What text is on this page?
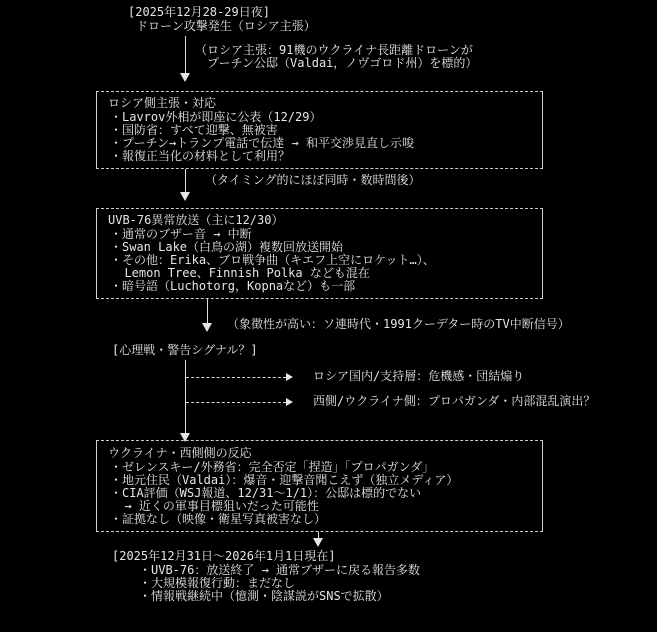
[2025年12月28-29日夜]
ドローン攻撃発生（ロシア主張）
（ロシア主張：91機のウクライナ長距離ドローンが
プーチン公邸（Valdai，ノヴゴロド州）を標的）
ロシア側主張・対応
・Lavrov外相が即座に公表（12/29）
・国防省：すべて迎撃、無被害
・プーチン→トランプ電話で伝達 → 和平交渉見直し示唆
・報復正当化の材料として利用？
（タイミング的にほぼ同時・数時間後）
UVB-76異常放送（主に12/30）
・通常のブザー音 → 中断
・Swan Lake（白鳥の湖）複数回放送開始
・その他：Erika、ブロ戦争曲（キエフ上空にロケット…）、
Lemon Tree、Finnish Polka なども混在
・暗号語（Luchotorg，Kopnaなど）も一部
（象徴性が高い：ソ連時代・1991クーデター時のTV中断信号）
[心理戦・警告シグナル？]
ロシア国内/支持層：危機感・団結煽り
西側/ウクライナ側：プロパガンダ・内部混乱演出？
ウクライナ・西側側の反応
・ゼレンスキー/外務省：完全否定「捏造」「プロパガンダ」
・地元住民（Valdai）：爆音・迎撃音聞こえず（独立メディア）
・CIA評価（WSJ報道、12/31〜1/1）：公邸は標的でない
→ 近くの軍事目標狙いだった可能性
・証拠なし（映像・衛星写真被害なし）
[2025年12月31日〜2026年1月1日現在]
・UVB-76：放送終了 → 通常ブザーに戻る報告多数
・大規模報復行動：まだなし
・情報戦継続中（憶測・陰謀説がSNSで拡散）
